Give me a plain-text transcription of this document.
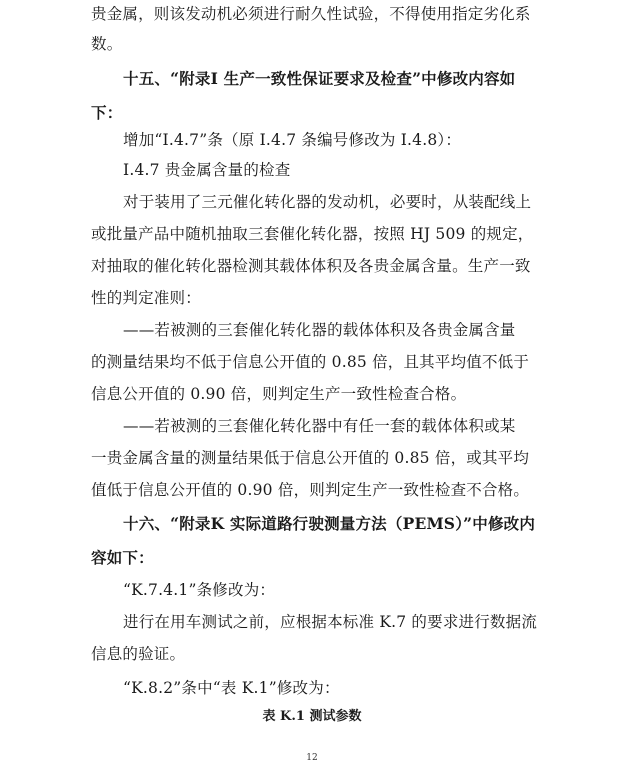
贵金属，则该发动机必须进行耐久性试验，不得使用指定劣化系
数。
十五、“附录I 生产一致性保证要求及检查”中修改内容如
下：
增加“I.4.7”条（原 I.4.7 条编号修改为 I.4.8）：
I.4.7 贵金属含量的检查
对于装用了三元催化转化器的发动机，必要时，从装配线上
或批量产品中随机抽取三套催化转化器，按照 HJ 509 的规定，
对抽取的催化转化器检测其载体体积及各贵金属含量。生产一致
性的判定准则：
——若被测的三套催化转化器的载体体积及各贵金属含量
的测量结果均不低于信息公开值的 0.85 倍，且其平均值不低于
信息公开值的 0.90 倍，则判定生产一致性检查合格。
——若被测的三套催化转化器中有任一套的载体体积或某
一贵金属含量的测量结果低于信息公开值的 0.85 倍，或其平均
值低于信息公开值的 0.90 倍，则判定生产一致性检查不合格。
十六、“附录K 实际道路行驶测量方法（PEMS）”中修改内
容如下：
“K.7.4.1”条修改为：
进行在用车测试之前，应根据本标准 K.7 的要求进行数据流
信息的验证。
“K.8.2”条中“表 K.1”修改为：
表 K.1 测试参数
12
